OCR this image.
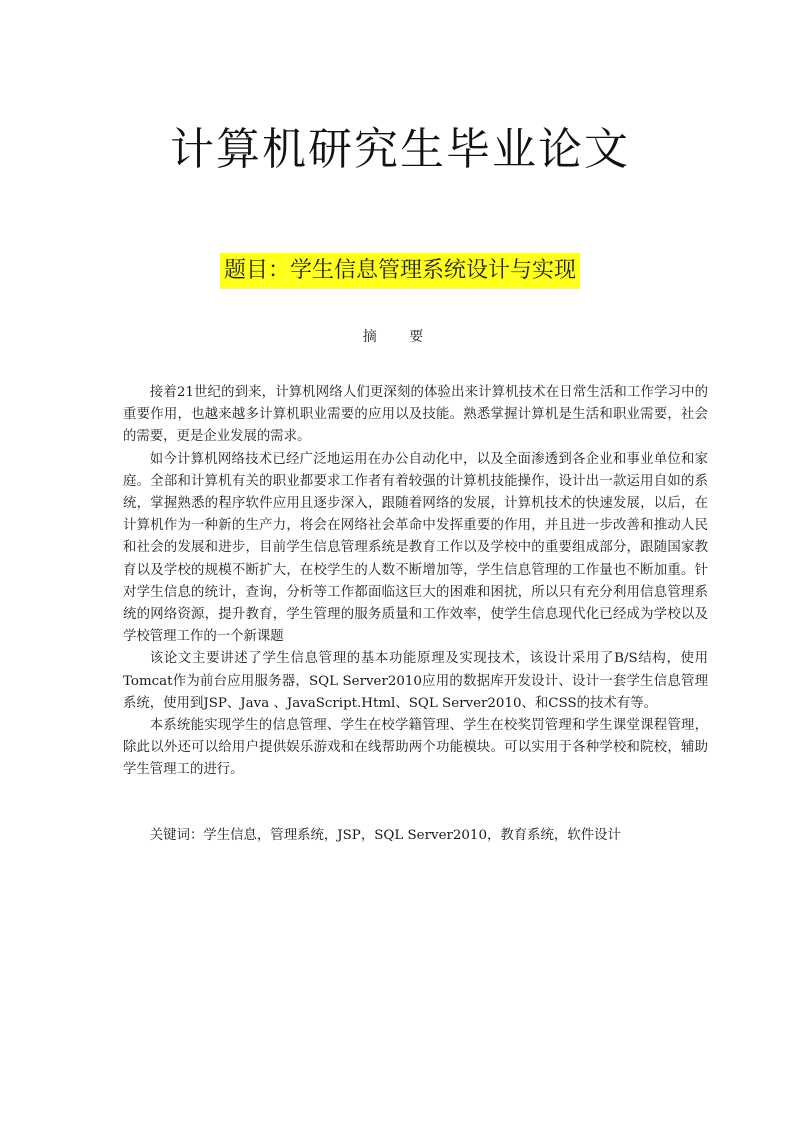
计算机研究生毕业论文
题目：学生信息管理系统设计与实现
摘 要

接着21世纪的到来，计算机网络人们更深刻的体验出来计算机技术在日常生活和工作学习中的重要作用，也越来越多计算机职业需要的应用以及技能。熟悉掌握计算机是生活和职业需要，社会的需要，更是企业发展的需求。

如今计算机网络技术已经广泛地运用在办公自动化中，以及全面渗透到各企业和事业单位和家庭。全部和计算机有关的职业都要求工作者有着较强的计算机技能操作，设计出一款运用自如的系统，掌握熟悉的程序软件应用且逐步深入，跟随着网络的发展，计算机技术的快速发展，以后，在计算机作为一种新的生产力，将会在网络社会革命中发挥重要的作用，并且进一步改善和推动人民和社会的发展和进步，目前学生信息管理系统是教育工作以及学校中的重要组成部分，跟随国家教育以及学校的规模不断扩大，在校学生的人数不断增加等，学生信息管理的工作量也不断加重。针对学生信息的统计，查询，分析等工作都面临这巨大的困难和困扰，所以只有充分利用信息管理系统的网络资源，提升教育，学生管理的服务质量和工作效率，使学生信息现代化已经成为学校以及学校管理工作的一个新课题

该论文主要讲述了学生信息管理的基本功能原理及实现技术，该设计采用了B/S结构，使用Tomcat作为前台应用服务器，SQL Server2010应用的数据库开发设计、设计一套学生信息管理系统，使用到JSP、Java 、JavaScript.Html、SQL Server2010、和CSS的技术有等。

本系统能实现学生的信息管理、学生在校学籍管理、学生在校奖罚管理和学生课堂课程管理，除此以外还可以给用户提供娱乐游戏和在线帮助两个功能模块。可以实用于各种学校和院校，辅助学生管理工的进行。

关键词：学生信息，管理系统，JSP，SQL Server2010，教育系统，软件设计
